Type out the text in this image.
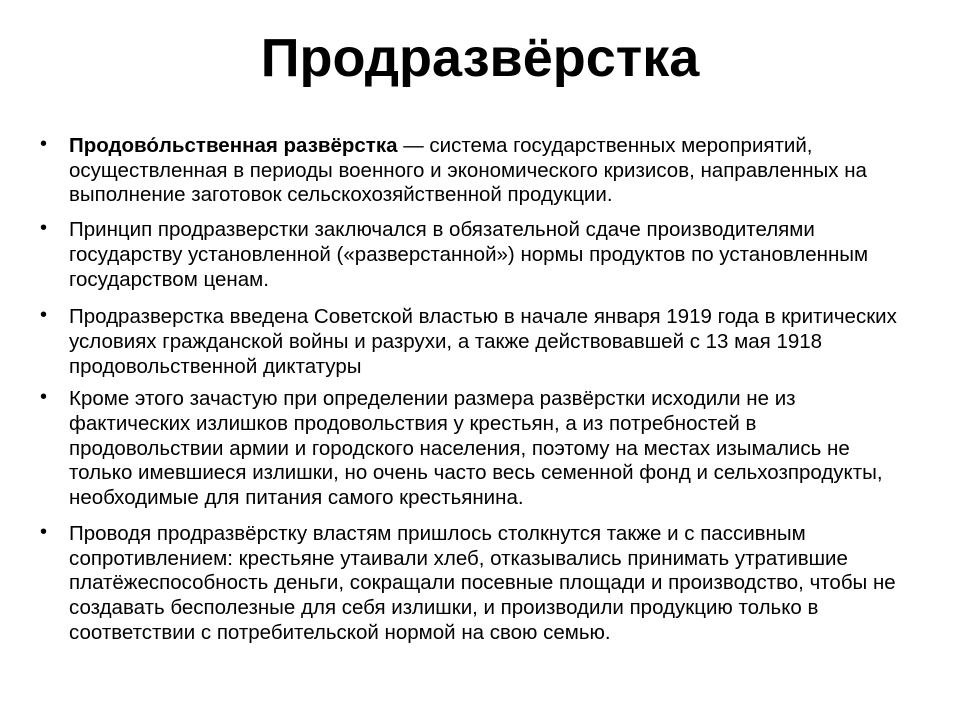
Продразвёрстка
• Продово́льственная развёрстка — система государственных мероприятий, осуществленная в периоды военного и экономического кризисов, направленных на выполнение заготовок сельскохозяйственной продукции.
• Принцип продразверстки заключался в обязательной сдаче производителями государству установленной («разверстанной») нормы продуктов по установленным государством ценам.
• Продразверстка введена Советской властью в начале января 1919 года в критических условиях гражданской войны и разрухи, а также действовавшей с 13 мая 1918 продовольственной диктатуры
• Кроме этого зачастую при определении размера развёрстки исходили не из фактических излишков продовольствия у крестьян, а из потребностей в продовольствии армии и городского населения, поэтому на местах изымались не только имевшиеся излишки, но очень часто весь семенной фонд и сельхозпродукты, необходимые для питания самого крестьянина.
• Проводя продразвёрстку властям пришлось столкнутся также и с пассивным сопротивлением: крестьяне утаивали хлеб, отказывались принимать утратившие платёжеспособность деньги, сокращали посевные площади и производство, чтобы не создавать бесполезные для себя излишки, и производили продукцию только в соответствии с потребительской нормой на свою семью.
